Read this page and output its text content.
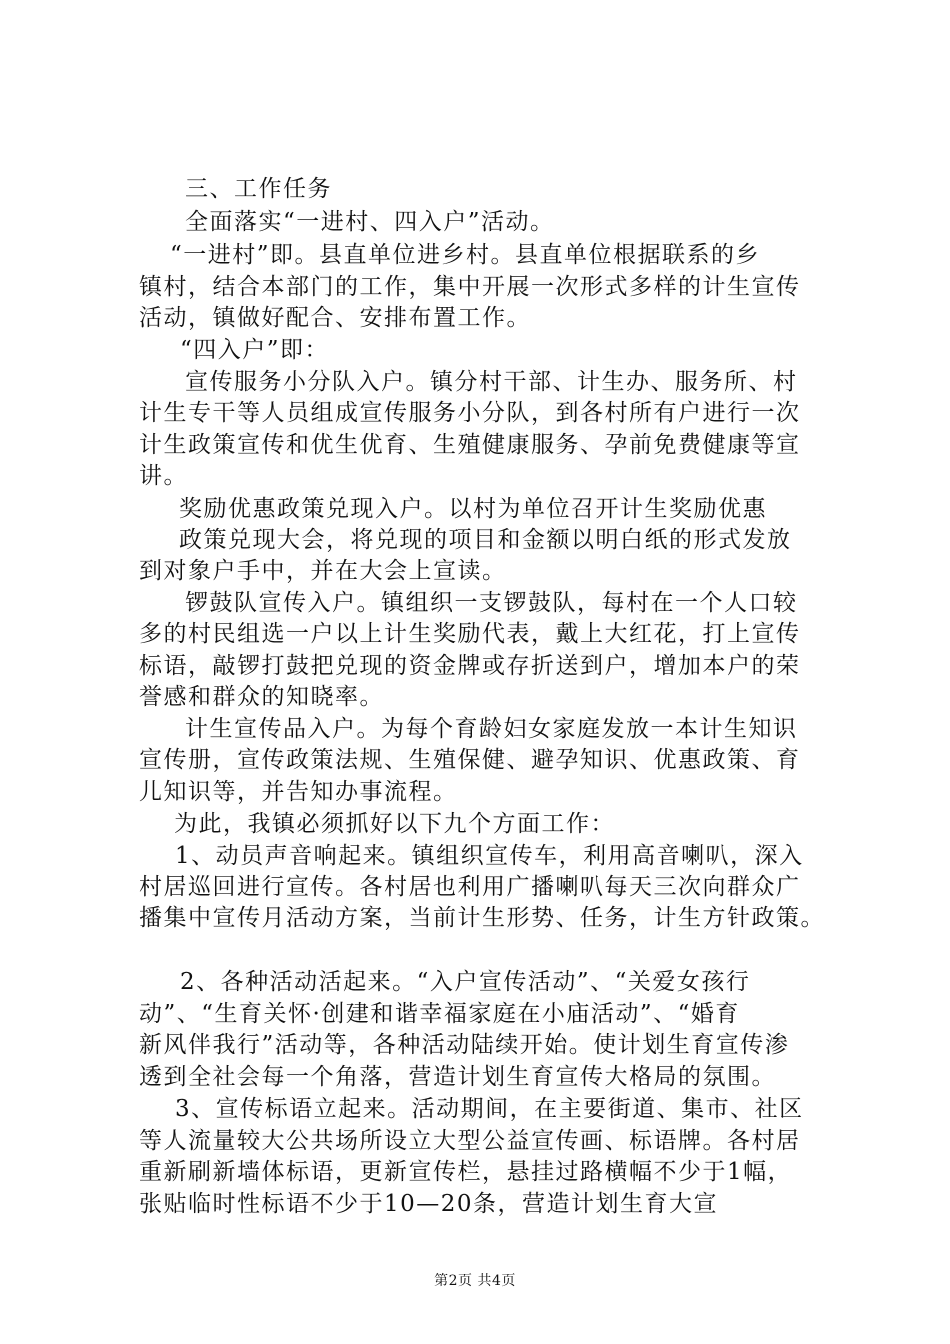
三、工作任务
全面落实“一进村、四入户”活动。
“一进村”即。县直单位进乡村。县直单位根据联系的乡
镇村，结合本部门的工作，集中开展一次形式多样的计生宣传
活动，镇做好配合、安排布置工作。
“四入户”即：
宣传服务小分队入户。镇分村干部、计生办、服务所、村
计生专干等人员组成宣传服务小分队，到各村所有户进行一次
计生政策宣传和优生优育、生殖健康服务、孕前免费健康等宣
讲。
奖励优惠政策兑现入户。以村为单位召开计生奖励优惠
政策兑现大会，将兑现的项目和金额以明白纸的形式发放
到对象户手中，并在大会上宣读。
锣鼓队宣传入户。镇组织一支锣鼓队，每村在一个人口较
多的村民组选一户以上计生奖励代表，戴上大红花，打上宣传
标语，敲锣打鼓把兑现的资金牌或存折送到户，增加本户的荣
誉感和群众的知晓率。
计生宣传品入户。为每个育龄妇女家庭发放一本计生知识
宣传册，宣传政策法规、生殖保健、避孕知识、优惠政策、育
儿知识等，并告知办事流程。
为此，我镇必须抓好以下九个方面工作：
1、动员声音响起来。镇组织宣传车，利用高音喇叭，深入
村居巡回进行宣传。各村居也利用广播喇叭每天三次向群众广
播集中宣传月活动方案，当前计生形势、任务，计生方针政策。
2、各种活动活起来。“入户宣传活动”、“关爱女孩行
动”、“生育关怀·创建和谐幸福家庭在小庙活动”、“婚育
新风伴我行”活动等，各种活动陆续开始。使计划生育宣传渗
透到全社会每一个角落，营造计划生育宣传大格局的氛围。
3、宣传标语立起来。活动期间，在主要街道、集市、社区
等人流量较大公共场所设立大型公益宣传画、标语牌。各村居
重新刷新墙体标语，更新宣传栏，悬挂过路横幅不少于1幅，
张贴临时性标语不少于10—20条，营造计划生育大宣
第2页 共4页
